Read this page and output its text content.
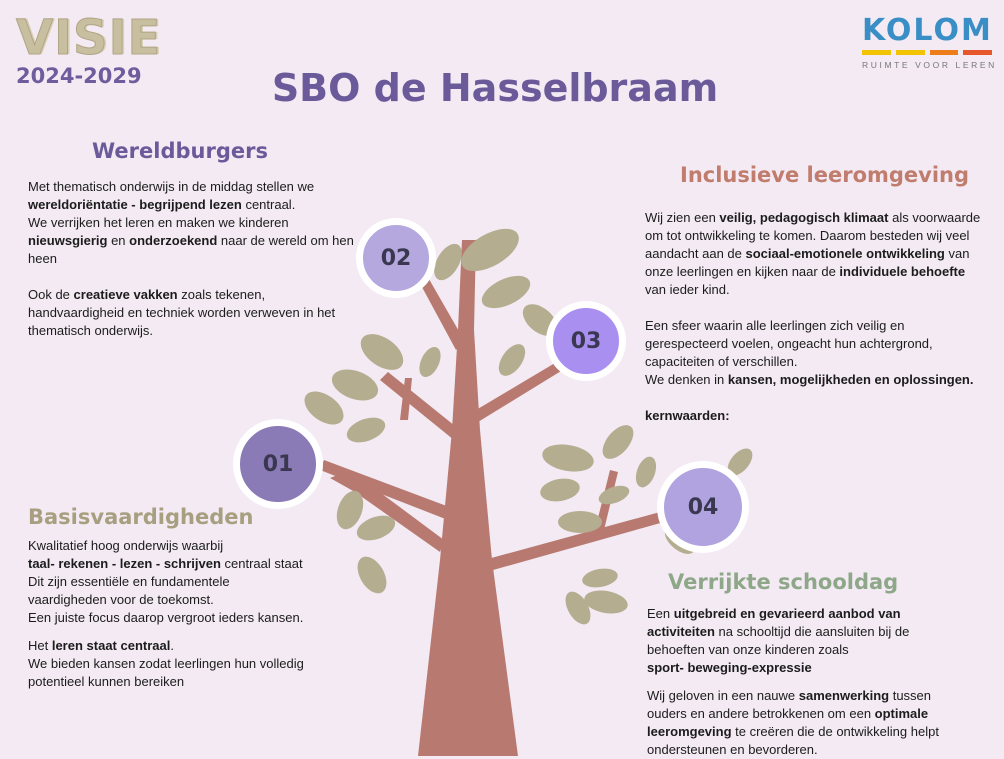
VISIE
2024-2029	SBO de Hasselbraam
KOLOM
RUIMTE VOOR LEREN
02
03
01
04
Wereldburgers

Met thematisch onderwijs in de middag stellen we

wereldoriëntatie - begrijpend lezen centraal.

We verrijken het leren en maken we kinderen

nieuwsgierig en onderzoekend naar de wereld om hen

heen

Ook de creatieve vakken zoals tekenen,

handvaardigheid en techniek worden verweven in het

thematisch onderwijs.

Inclusieve leeromgeving

Wij zien een veilig, pedagogisch klimaat als voorwaarde

om tot ontwikkeling te komen. Daarom besteden wij veel

aandacht aan de sociaal-emotionele ontwikkeling van

onze leerlingen en kijken naar de individuele behoefte

van ieder kind.

Een sfeer waarin alle leerlingen zich veilig en

gerespecteerd voelen, ongeacht hun achtergrond,

capaciteiten of verschillen.

We denken in kansen, mogelijkheden en oplossingen.

kernwaarden:

Basisvaardigheden

Kwalitatief hoog onderwijs waarbij

taal- rekenen - lezen - schrijven centraal staat

Dit zijn essentiële en fundamentele

vaardigheden voor de toekomst.

Een juiste focus daarop vergroot ieders kansen.

Het leren staat centraal.

We bieden kansen zodat leerlingen hun volledig

potentieel kunnen bereiken

Verrijkte schooldag

Een uitgebreid en gevarieerd aanbod van

activiteiten na schooltijd die aansluiten bij de

behoeften van onze kinderen zoals

sport- beweging-expressie

Wij geloven in een nauwe samenwerking tussen

ouders en andere betrokkenen om een optimale

leeromgeving te creëren die de ontwikkeling helpt

ondersteunen en bevorderen.
